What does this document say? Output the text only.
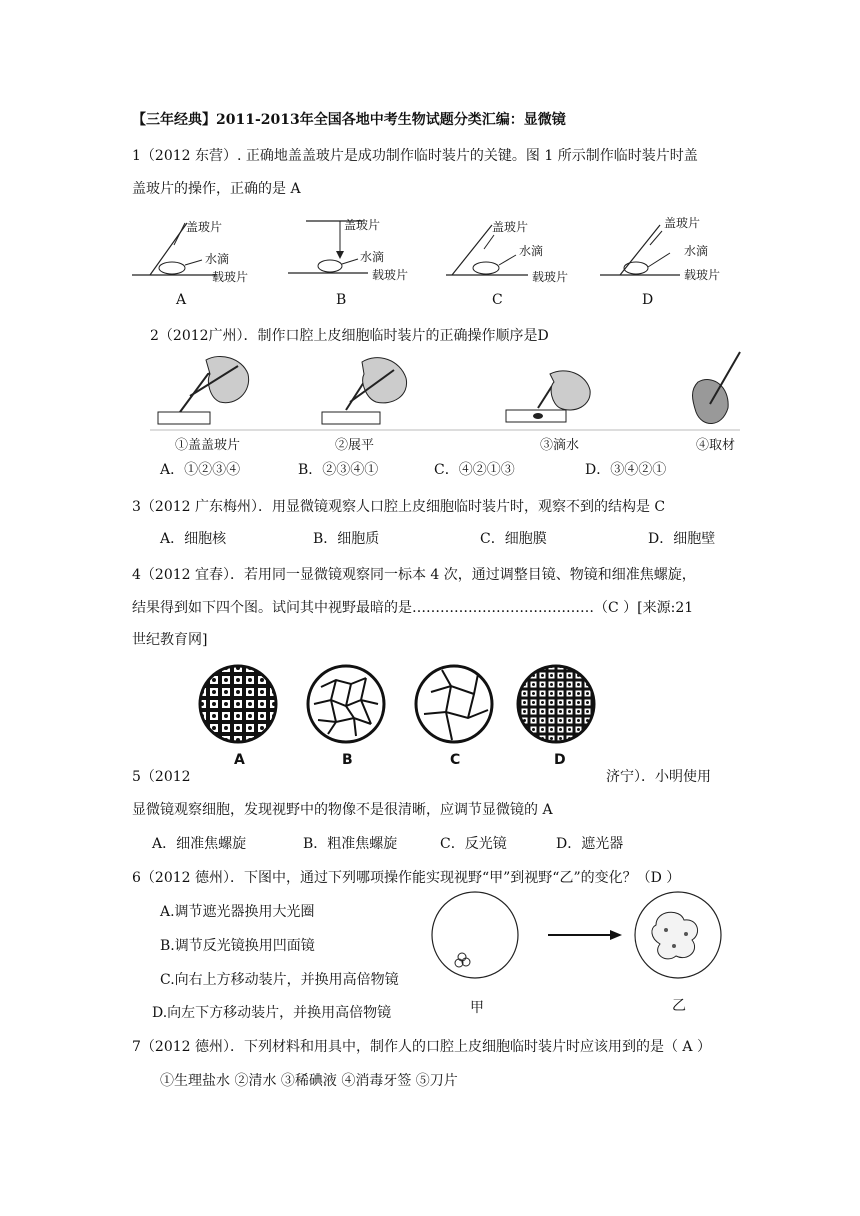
【三年经典】2011-2013年全国各地中考生物试题分类汇编：显微镜
1（2012 东营）. 正确地盖盖玻片是成功制作临时装片的关键。图 1 所示制作临时装片时盖
盖玻片的操作，正确的是 A
盖玻片
水滴
载玻片
A
盖玻片
水滴
载玻片
B
盖玻片
水滴
载玻片
C
盖玻片
水滴
载玻片
D
2（2012广州）．制作口腔上皮细胞临时装片的正确操作顺序是D
①盖盖玻片	②展平	③滴水	④取材
A．①②③④	B．②③④①	C．④②①③	D．③④②①
3（2012 广东梅州）．用显微镜观察人口腔上皮细胞临时装片时，观察不到的结构是 C
A．细胞核	B．细胞质	C．细胞膜	D．细胞壁
4（2012 宜春）．若用同一显微镜观察同一标本 4 次，通过调整目镜、物镜和细准焦螺旋，
结果得到如下四个图。试问其中视野最暗的是…………………………………（C ）[来源:21
世纪教育网]
A	B	C	D
5（2012	济宁）．小明使用
显微镜观察细胞，发现视野中的物像不是很清晰，应调节显微镜的 A
A．细准焦螺旋	B．粗准焦螺旋	C．反光镜	D．遮光器
6（2012 德州）．下图中，通过下列哪项操作能实现视野“甲”到视野“乙”的变化？（D ）
A.调节遮光器换用大光圈
B.调节反光镜换用凹面镜
C.向右上方移动装片，并换用高倍物镜
D.向左下方移动装片，并换用高倍物镜	甲	乙
7（2012 德州）．下列材料和用具中，制作人的口腔上皮细胞临时装片时应该用到的是（ A ）
①生理盐水 ②清水 ③稀碘液 ④消毒牙签 ⑤刀片
